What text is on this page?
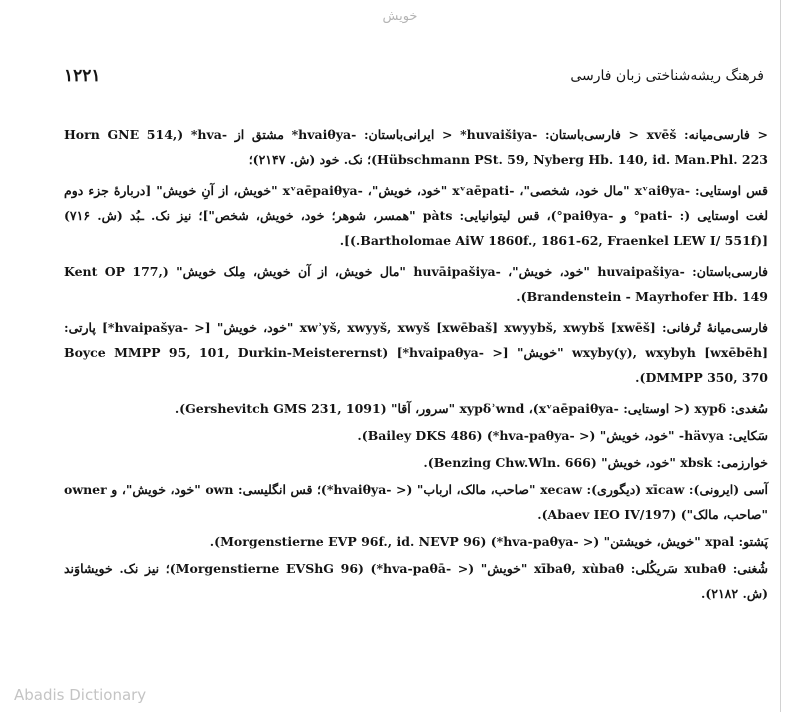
خویش
۱۲۲۱	فرهنگ ریشه‌شناختی زبان فارسی
< فارسی‌میانه: xvēš < فارسی‌باستان: -huvaišiya* < ایرانی‌باستان: -hvaiθya* مشتق از -hva* (Horn GNE 514, Hübschmann PSt. 59, Nyberg Hb. 140, id. Man.Phl. 223)؛ نک. خود (ش. ۲۱۴۷)؛
قس اوستایی: -xᵛaiθya "مال خود، شخصی"، -xᵛaēpati "خود، خویش"، -xᵛaēpaiθya "خویش، از آنِ خویش" [دربارهٔ جزء دوم لغت اوستایی (: -pati° و -paiθya°)، قس لیتوانیایی: pàts "همسر، شوهر؛ خود، خویش، شخص"]؛ نیز نک. ـبُد (ش. ۷۱۶) [(Bartholomae AiW 1860f., 1861-62, Fraenkel LEW I/ 551f.)].
فارسی‌باستان: -huvaipašiya "خود، خویش"، -huvāipašiya "مال خویش، از آن خویش، مِلک خویش" (Kent OP 177, Brandenstein - Mayrhofer Hb. 149).
فارسی‌میانهٔ تُرفانی: [xwēš] xwʾyš, xwyyš, xwyš [xwēbaš] xwyybš, xwybš "خود، خویش" [< -hvaipašya*] پارتی: [wxēbēh] wxyby(y), wxybyh "خویش" [< -hvaipaθya*] (Boyce MMPP 95, 101, Durkin-Meisterernst DMMPP 350, 370).
سُغدی: xypδ (< اوستایی: -xᵛaēpaiθya)، xypδʾwnd "سرور، آقا" (Gershevitch GMS 231, 1091).
سَکایی: hävya- "خود، خویش" (< -hva-paθya*) (Bailey DKS 486).
خوارزمی: xbsk "خود، خویش" (Benzing Chw.Wln. 666).
آسی (ایرونی): xīcaw (دیگوری): xecaw "صاحب، مالک، ارباب" (< -hvaiθya*)؛ قس انگلیسی: own "خود، خویش"، و owner "صاحب، مالک") (Abaev IEO IV/197).
پَشتو: xpal "خویش، خویشتن" (< -hva-paθya*) (Morgenstierne EVP 96f., id. NEVP 96).
شُغنی: xubaθ سَریکُلی: xībaθ, xùbaθ "خویش" (< -hva-paθā*) (Morgenstierne EVShG 96)؛ نیز نک. خویشاوَند (ش. ۲۱۸۲).
Abadis Dictionary
